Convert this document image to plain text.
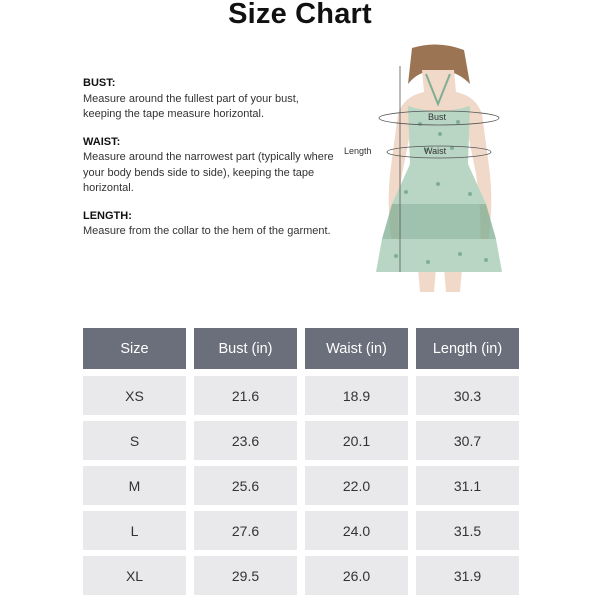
Size Chart
BUST:
Measure around the fullest part of your bust, keeping the tape measure horizontal.
WAIST:
Measure around the narrowest part (typically where your body bends side to side), keeping the tape horizontal.
LENGTH:
Measure from the collar to the hem of the garment.
Bust
Waist
Length
Size	Bust (in)	Waist (in)	Length (in)
XS	21.6	18.9	30.3
S	23.6	20.1	30.7
M	25.6	22.0	31.1
L	27.6	24.0	31.5
XL	29.5	26.0	31.9
